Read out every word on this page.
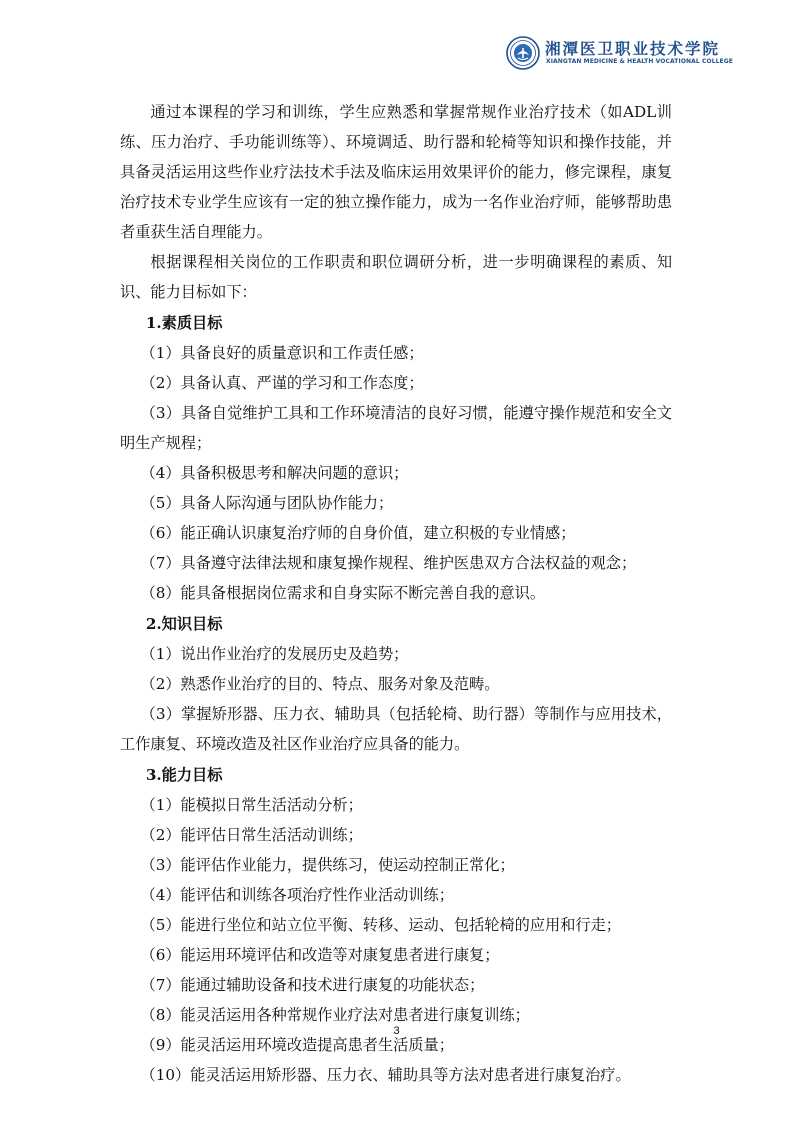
湘潭医卫职业技术学院
XIANGTAN MEDICINE & HEALTH VOCATIONAL COLLEGE

通过本课程的学习和训练，学生应熟悉和掌握常规作业治疗技术（如ADL训练、压力治疗、手功能训练等）、环境调适、助行器和轮椅等知识和操作技能，并具备灵活运用这些作业疗法技术手法及临床运用效果评价的能力，修完课程，康复治疗技术专业学生应该有一定的独立操作能力，成为一名作业治疗师，能够帮助患者重获生活自理能力。

根据课程相关岗位的工作职责和职位调研分析，进一步明确课程的素质、知识、能力目标如下：

1.素质目标

（1）具备良好的质量意识和工作责任感；

（2）具备认真、严谨的学习和工作态度；

（3）具备自觉维护工具和工作环境清洁的良好习惯，能遵守操作规范和安全文明生产规程；

（4）具备积极思考和解决问题的意识；

（5）具备人际沟通与团队协作能力；

（6）能正确认识康复治疗师的自身价值，建立积极的专业情感；

（7）具备遵守法律法规和康复操作规程、维护医患双方合法权益的观念；

（8）能具备根据岗位需求和自身实际不断完善自我的意识。

2.知识目标

（1）说出作业治疗的发展历史及趋势；

（2）熟悉作业治疗的目的、特点、服务对象及范畴。

（3）掌握矫形器、压力衣、辅助具（包括轮椅、助行器）等制作与应用技术，工作康复、环境改造及社区作业治疗应具备的能力。

3.能力目标

（1）能模拟日常生活活动分析；

（2）能评估日常生活活动训练；

（3）能评估作业能力，提供练习，使运动控制正常化；

（4）能评估和训练各项治疗性作业活动训练；

（5）能进行坐位和站立位平衡、转移、运动、包括轮椅的应用和行走；

（6）能运用环境评估和改造等对康复患者进行康复；

（7）能通过辅助设备和技术进行康复的功能状态；

（8）能灵活运用各种常规作业疗法对患者进行康复训练；

（9）能灵活运用环境改造提高患者生活质量；

（10）能灵活运用矫形器、压力衣、辅助具等方法对患者进行康复治疗。

3
